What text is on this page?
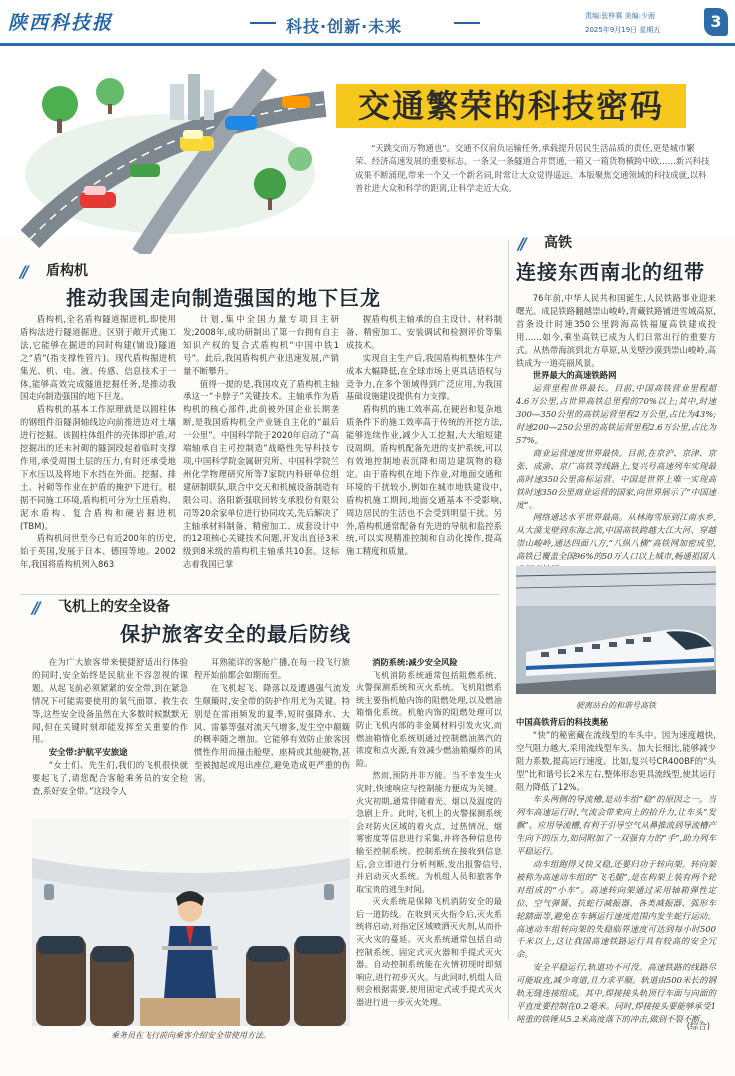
陕西科技报	科技·创新·未来
责编:张梓赛 美编:少雨
2025年9月19日 星期五	3
交通繁荣的科技密码
“天跳交而万物通也”。交通不仅肩负运输任务,承载提升居民生活品质的责任,更是城市繁荣、经济高速发展的重要标志。一条又一条隧道合并贯通,一箱又一箱货物横跨中欧……新兴科技成果不断涌现,带来一个又一个新名词,时常让大众觉得遥远。本版聚焦交通领域的科技成就,以科普社进大众和科学的距离,让科学走近大众。
// 盾构机
推动我国走向制造强国的地下巨龙

盾构机,全名盾构隧道掘进机,即使用盾构法进行隧道掘进。区别于敞开式施工法,它能够在掘进的同时构建(铺设)隧道之“盾”(指支撑性管片)。现代盾构掘进机集光、机、电、液、传感、信息技术于一体,能够高效完成隧道挖掘任务,是推动我国走向制造强国的地下巨龙。

盾构机的基本工作原理就是以圆柱体的钢组件沿隧洞轴线边向前推进边对土壤进行挖掘。该圆柱体组件的壳体即护盾,对挖掘出的还未衬砌的隧洞段起着临时支撑作用,承受周围土层的压力,有时还承受地下水压以及将地下水挡在外面。挖掘、排土、衬砌等作业在护盾的掩护下进行。根据不同施工环境,盾构机可分为土压盾构、泥水盾构、复合盾构和硬岩掘进机(TBM)。

盾构机问世至今已有近200年的历史,始于英国,发展于日本、德国等地。2002年,我国将盾构机列入863

计划,集中全国力量专项目主研发;2008年,成功研制出了第一台拥有自主知识产权的复合式盾构机“中国中铁1号”。此后,我国盾构机产业迅速发展,产销量不断攀升。

值得一提的是,我国攻克了盾构机主轴承这一“卡脖子”关键技术。主轴承作为盾构机的核心部件,此前被外国企业长期垄断,是我国盾构机全产业链自主化的“最后一公里”。中国科学院于2020年启动了“高端轴承自主可控制造”战略性先导科技专项,中国科学院金属研究所、中国科学院兰州化学物理研究所等7家院内科研单位组建研制联队,联合中交天和机械设备制造有限公司、洛阳新强联回转支承股份有限公司等20余家单位进行协同攻关,先后解决了主轴承材料制备、精密加工、成套设计中的12项核心关键技术问题,开发出直径3米级到8米级的盾构机主轴承共10套。这标志着我国已掌

握盾构机主轴承的自主设计、材料制备、精密加工、安装调试和检测评价等集成技术。

实现自主生产后,我国盾构机整体生产成本大幅降低,在全球市场上更具话语权与竞争力,在多个领域得到广泛应用,为我国基础设施建设提供有力支撑。

盾构机的施工效率高,在硬岩和复杂地质条件下的施工效率高于传统的开挖方法,能够连续作业,减少人工挖掘,大大缩短建设周期。盾构机配备先进的支护系统,可以有效地控制地表沉降和周边建筑物的稳定。由于盾构机在地下作业,对地面交通和环境的干扰较小,例如在城市地铁建设中,盾构机施工期间,地面交通基本不受影响,周边居民的生活也不会受到明显干扰。另外,盾构机通常配备有先进的导航和监控系统,可以实现精准控制和自动化操作,提高施工精度和质量。

// 高铁
连接东西南北的纽带

76年前,中华人民共和国诞生,人民铁路事业迎来曙光。成昆铁路翻越崇山峻岭,青藏铁路铺进雪域高原,首条设计时速350公里跨海高铁福厦高铁建成投用……如今,乘坐高铁已成为人们日常出行的重要方式。从热带海滨到北方草原,从戈壁沙漠到崇山峻岭,高铁成为一道亮丽风景。

世界最大的高速铁路网

运营里程世界最长。目前,中国高铁营业里程超4.6万公里,占世界高铁总里程的70%以上;其中,时速300—350公里的高铁运营里程2万公里,占比为43%;时速200—250公里的高铁运营里程2.6万公里,占比为57%。

商业运营速度世界最快。目前,在京沪、京津、京张、成渝、京广高铁等线路上,复兴号高速列车实现最高时速350公里高标运营。中国是世界上唯一实现高铁时速350公里商业运营的国家,向世界展示了“中国速度”。

网络通达水平世界最高。从林海雪原到江南水乡,从大漠戈壁到东海之滨,中国高铁跨越大江大河、穿越崇山峻岭,通达四面八方,“八纵八横”高铁网加密成型,高铁已覆盖全国96%的50万人口以上城市,畅通祖国人

驶离站台的和谐号高铁

中国高铁背后的科技奥秘

“快”的秘密藏在流线型的车头中。因为速度越快,空气阻力越大,采用流线型车头、加大长细比,能够减少阻力系数,提高运行速度。比如,复兴号CR400BF的“头型”比和谐号长2米左右,整体形态更具流线型,使其运行阻力降低了12%。

车头两侧的导流槽,是动车组“稳”的原因之一。当列车高速运行时,气流会带来向上的抬升力,让车头“发飘”。应用导流槽,有利于引导空气从鼻推流到导流槽产生向下的压力,如同附加了一双强有力的“手”,助力列车平稳运行。

动车组跑得又快又稳,还要归功于转向架。转向架被称为高速动车组的“飞毛腿”,是在构架上装有两个轮对组成的“小车”。高速转向架通过采用轴箱弹性定位、空气弹簧、抗蛇行减振器、各类减振器、弧形车轮踏面等,避免在车辆运行速度范围内发生蛇行运动。高速动车组转向架的失稳临界速度可达到每小时500千米以上,这让我国高速铁路运行具有较高的安全冗余。

安全平稳运行,轨道功不可没。高速铁路的线路尽可能取直,减少弯道,且力求平顺。轨道由500米长的钢轨无缝连接组成。其中,焊接接头轨顶行车面与向面的平直度要控制在0.2毫米。同时,焊接接头要能够承受1吨重的铁锤从5.2米高度落下的冲击,做到不裂不断。

(综合)
// 飞机上的安全设备
保护旅客安全的最后防线

在为广大旅客带来便捷舒适出行体验的同时,安全始终是民航业不容忽视的课题。从起飞前必须紧紧的安全带,到在紧急情况下可能需要使用的氧气面罩、救生衣等,这些安全设备虽然在大多数时候默默无闻,但在关键时刻却能发挥至关重要的作用。

安全带:护航平安旅途

“女士们、先生们,我们的飞机很快就要起飞了,请您配合客舱乘务员的安全检查,系好安全带。”这段令人

耳熟能详的客舱广播,在每一段飞行旅程开始前都会如期而至。

在飞机起飞、降落以及遭遇强气流发生颠簸时,安全带的防护作用尤为关键。特别是在雷雨频发的夏季,短时强降水、大风、雷暴等强对流天气增多,发生空中颠簸的概率随之增加。它能够有效防止旅客因惯性作用而撞击舱壁、座椅或其他硬物,甚至被抛起或甩出座位,避免造成更严重的伤害。

消防系统:减少安全风险

飞机消防系统通常包括阻燃系统、火警探测系统和灭火系统。飞机阻燃系统主要指机舱内饰的阻燃处理,以及燃油箱惰化系统。机舱内饰的阻燃处理可以防止飞机内部的非金属材料引发火灾,而燃油箱惰化系统则通过控制燃油蒸汽的浓度和点火源,有效减少燃油箱爆炸的风险。

然而,预防并非万能。当不幸发生火灾时,快速响应与控制能力便成为关键。火灾初期,通常伴随着光、烟以及温度的急剧上升。此时,飞机上的火警探测系统会对防火区域的着火点、过热情况、烟雾密度等信息进行采集,并将各种信息传输至控制系统。控制系统在接收到信息后,会立即进行分析判断,发出报警信号,并启动灭火系统。为机组人员和旅客争取宝贵的逃生时间。

灭火系统是保障飞机消防安全的最后一道防线。在收到灭火指令后,灭火系统将启动,对指定区域喷洒灭火剂,从而扑灭火灾的蔓延。灭火系统通常包括自动控制系统、固定式灭火器和手提式灭火器。自动控制系统能在火情初现时即刻响应,进行初步灭火。与此同时,机组人员则会根据需要,使用固定式或手提式灭火器进行进一步灭火处理。

乘务员在飞行前向乘客介绍安全带使用方法。
